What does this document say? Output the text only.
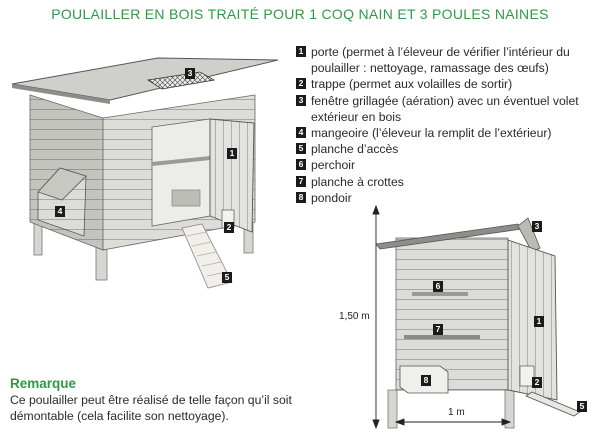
POULAILLER EN BOIS TRAITÉ POUR 1 COQ NAIN ET 3 POULES NAINES
3
1
4
2
5
3
6
1
7
8	2
5
1,50 m
1 m
1 porte (permet à l’éleveur de vérifier l’intérieur du poulailler : nettoyage, ramassage des œufs)
2 trappe (permet aux volailles de sortir)
3 fenêtre grillagée (aération) avec un éventuel volet extérieur en bois
4 mangeoire (l’éleveur la remplit de l’extérieur)
5 planche d’accès
6 perchoir
7 planche à crottes
8 pondoir
Remarque

Ce poulailler peut être réalisé de telle façon qu’il soit démontable (cela facilite son nettoyage).
